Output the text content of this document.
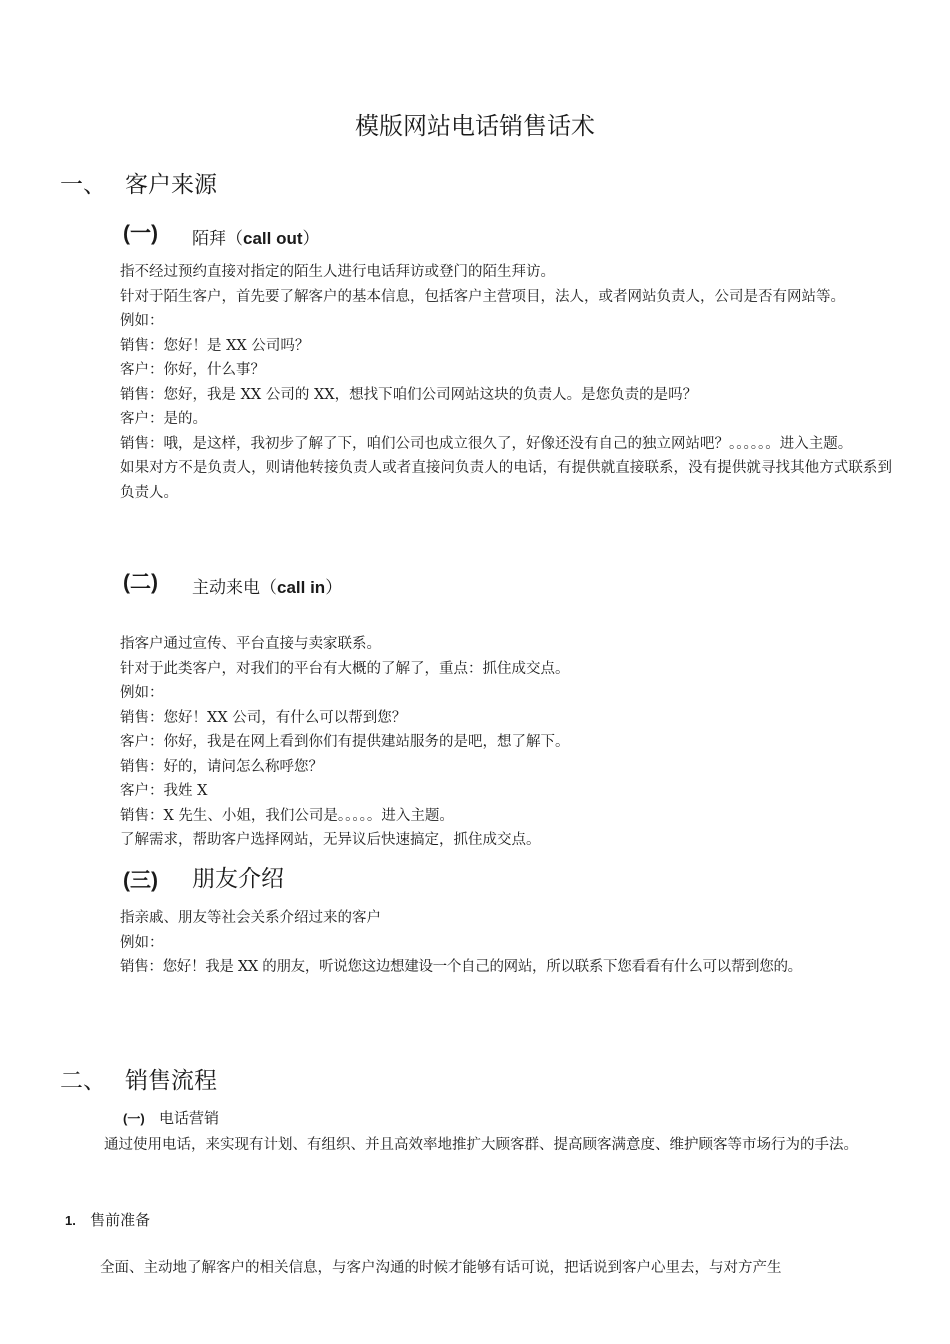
模版网站电话销售话术
一、 客户来源
(一) 陌拜（call out）

指不经过预约直接对指定的陌生人进行电话拜访或登门的陌生拜访。

针对于陌生客户，首先要了解客户的基本信息，包括客户主营项目，法人，或者网站负责人，公司是否有网站等。

例如：

销售：您好！是 XX 公司吗？

客户：你好，什么事？

销售：您好，我是 XX 公司的 XX，想找下咱们公司网站这块的负责人。是您负责的是吗？

客户：是的。

销售：哦，是这样，我初步了解了下，咱们公司也成立很久了，好像还没有自己的独立网站吧？。。。。。。进入主题。

如果对方不是负责人，则请他转接负责人或者直接问负责人的电话，有提供就直接联系，没有提供就寻找其他方式联系到负责人。

(二) 主动来电（call in）

指客户通过宣传、平台直接与卖家联系。

针对于此类客户，对我们的平台有大概的了解了，重点：抓住成交点。

例如：

销售：您好！XX 公司，有什么可以帮到您？

客户：你好，我是在网上看到你们有提供建站服务的是吧，想了解下。

销售：好的，请问怎么称呼您？

客户：我姓 X

销售：X 先生、小姐，我们公司是。。。。。进入主题。

了解需求，帮助客户选择网站，无异议后快速搞定，抓住成交点。

(三) 朋友介绍

指亲戚、朋友等社会关系介绍过来的客户

例如：

销售：您好！我是 XX 的朋友，听说您这边想建设一个自己的网站，所以联系下您看看有什么可以帮到您的。

二、 销售流程
(一) 电话营销
通过使用电话，来实现有计划、有组织、并且高效率地推扩大顾客群、提高顾客满意度、维护顾客等市场行为的手法。
1. 售前准备
全面、主动地了解客户的相关信息，与客户沟通的时候才能够有话可说，把话说到客户心里去，与对方产生
